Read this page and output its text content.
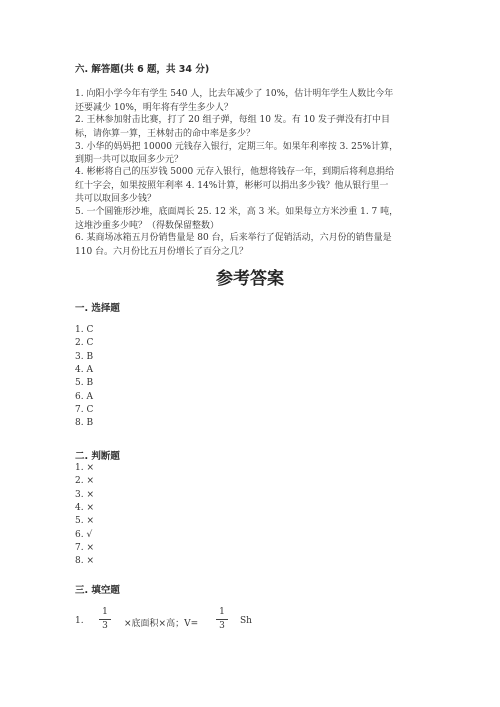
六. 解答题(共 6 题，共 34 分)
1. 向阳小学今年有学生 540 人，比去年减少了 10%，估计明年学生人数比今年
还要减少 10%，明年将有学生多少人？
2. 王林参加射击比赛，打了 20 组子弹，每组 10 发。有 10 发子弹没有打中目
标，请你算一算，王林射击的命中率是多少？
3. 小华的妈妈把 10000 元钱存入银行，定期三年。如果年利率按 3. 25%计算，
到期一共可以取回多少元？
4. 彬彬将自己的压岁钱 5000 元存入银行，他想将钱存一年，到期后将利息捐给
红十字会，如果按照年利率 4. 14%计算，彬彬可以捐出多少钱？他从银行里一
共可以取回多少钱？
5. 一个圆锥形沙堆，底面周长 25. 12 米，高 3 米。如果每立方米沙重 1. 7 吨，
这堆沙重多少吨？（得数保留整数）
6. 某商场冰箱五月份销售量是 80 台，后来举行了促销活动，六月份的销售量是
110 台。六月份比五月份增长了百分之几？
参考答案
一. 选择题
1. C
2. C
3. B
4. A
5. B
6. A
7. C
8. B
二. 判断题
1. ×
2. ×
3. ×
4. ×
5. ×
6. √
7. ×
8. ×
三. 填空题
1.
1
3	×底面积×高；V=
1
3	Sh
